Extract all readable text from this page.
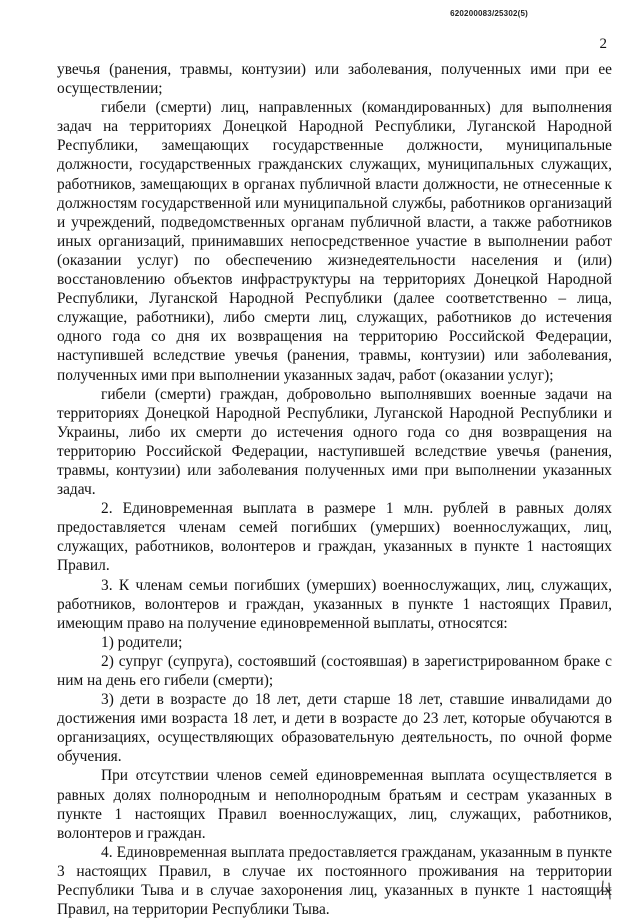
620200083/25302(5)
2

увечья (ранения, травмы, контузии) или заболевания, полученных ими при ее осуществлении;

гибели (смерти) лиц, направленных (командированных) для выполнения задач на территориях Донецкой Народной Республики, Луганской Народной Республики, замещающих государственные должности, муниципальные должности, государственных гражданских служащих, муниципальных служащих, работников, замещающих в органах публичной власти должности, не отнесенные к должностям государственной или муниципальной службы, работников организаций и учреждений, подведомственных органам публичной власти, а также работников иных организаций, принимавших непосредственное участие в выполнении работ (оказании услуг) по обеспечению жизнедеятельности населения и (или) восстановлению объектов инфраструктуры на территориях Донецкой Народной Республики, Луганской Народной Республики (далее соответственно – лица, служащие, работники), либо смерти лиц, служащих, работников до истечения одного года со дня их возвращения на территорию Российской Федерации, наступившей вследствие увечья (ранения, травмы, контузии) или заболевания, полученных ими при выполнении указанных задач, работ (оказании услуг);

гибели (смерти) граждан, добровольно выполнявших военные задачи на территориях Донецкой Народной Республики, Луганской Народной Республики и Украины, либо их смерти до истечения одного года со дня возвращения на территорию Российской Федерации, наступившей вследствие увечья (ранения, травмы, контузии) или заболевания полученных ими при выполнении указанных задач.

2. Единовременная выплата в размере 1 млн. рублей в равных долях предоставляется членам семей погибших (умерших) военнослужащих, лиц, служащих, работников, волонтеров и граждан, указанных в пункте 1 настоящих Правил.

3. К членам семьи погибших (умерших) военнослужащих, лиц, служащих, работников, волонтеров и граждан, указанных в пункте 1 настоящих Правил, имеющим право на получение единовременной выплаты, относятся:

1) родители;

2) супруг (супруга), состоявший (состоявшая) в зарегистрированном браке с ним на день его гибели (смерти);

3) дети в возрасте до 18 лет, дети старше 18 лет, ставшие инвалидами до достижения ими возраста 18 лет, и дети в возрасте до 23 лет, которые обучаются в организациях, осуществляющих образовательную деятельность, по очной форме обучения.

При отсутствии членов семей единовременная выплата осуществляется в равных долях полнородным и неполнородным братьям и сестрам указанных в пункте 1 настоящих Правил военнослужащих, лиц, служащих, работников, волонтеров и граждан.

4. Единовременная выплата предоставляется гражданам, указанным в пункте 3 настоящих Правил, в случае их постоянного проживания на территории Республики Тыва и в случае захоронения лиц, указанных в пункте 1 настоящих Правил, на территории Республики Тыва.
